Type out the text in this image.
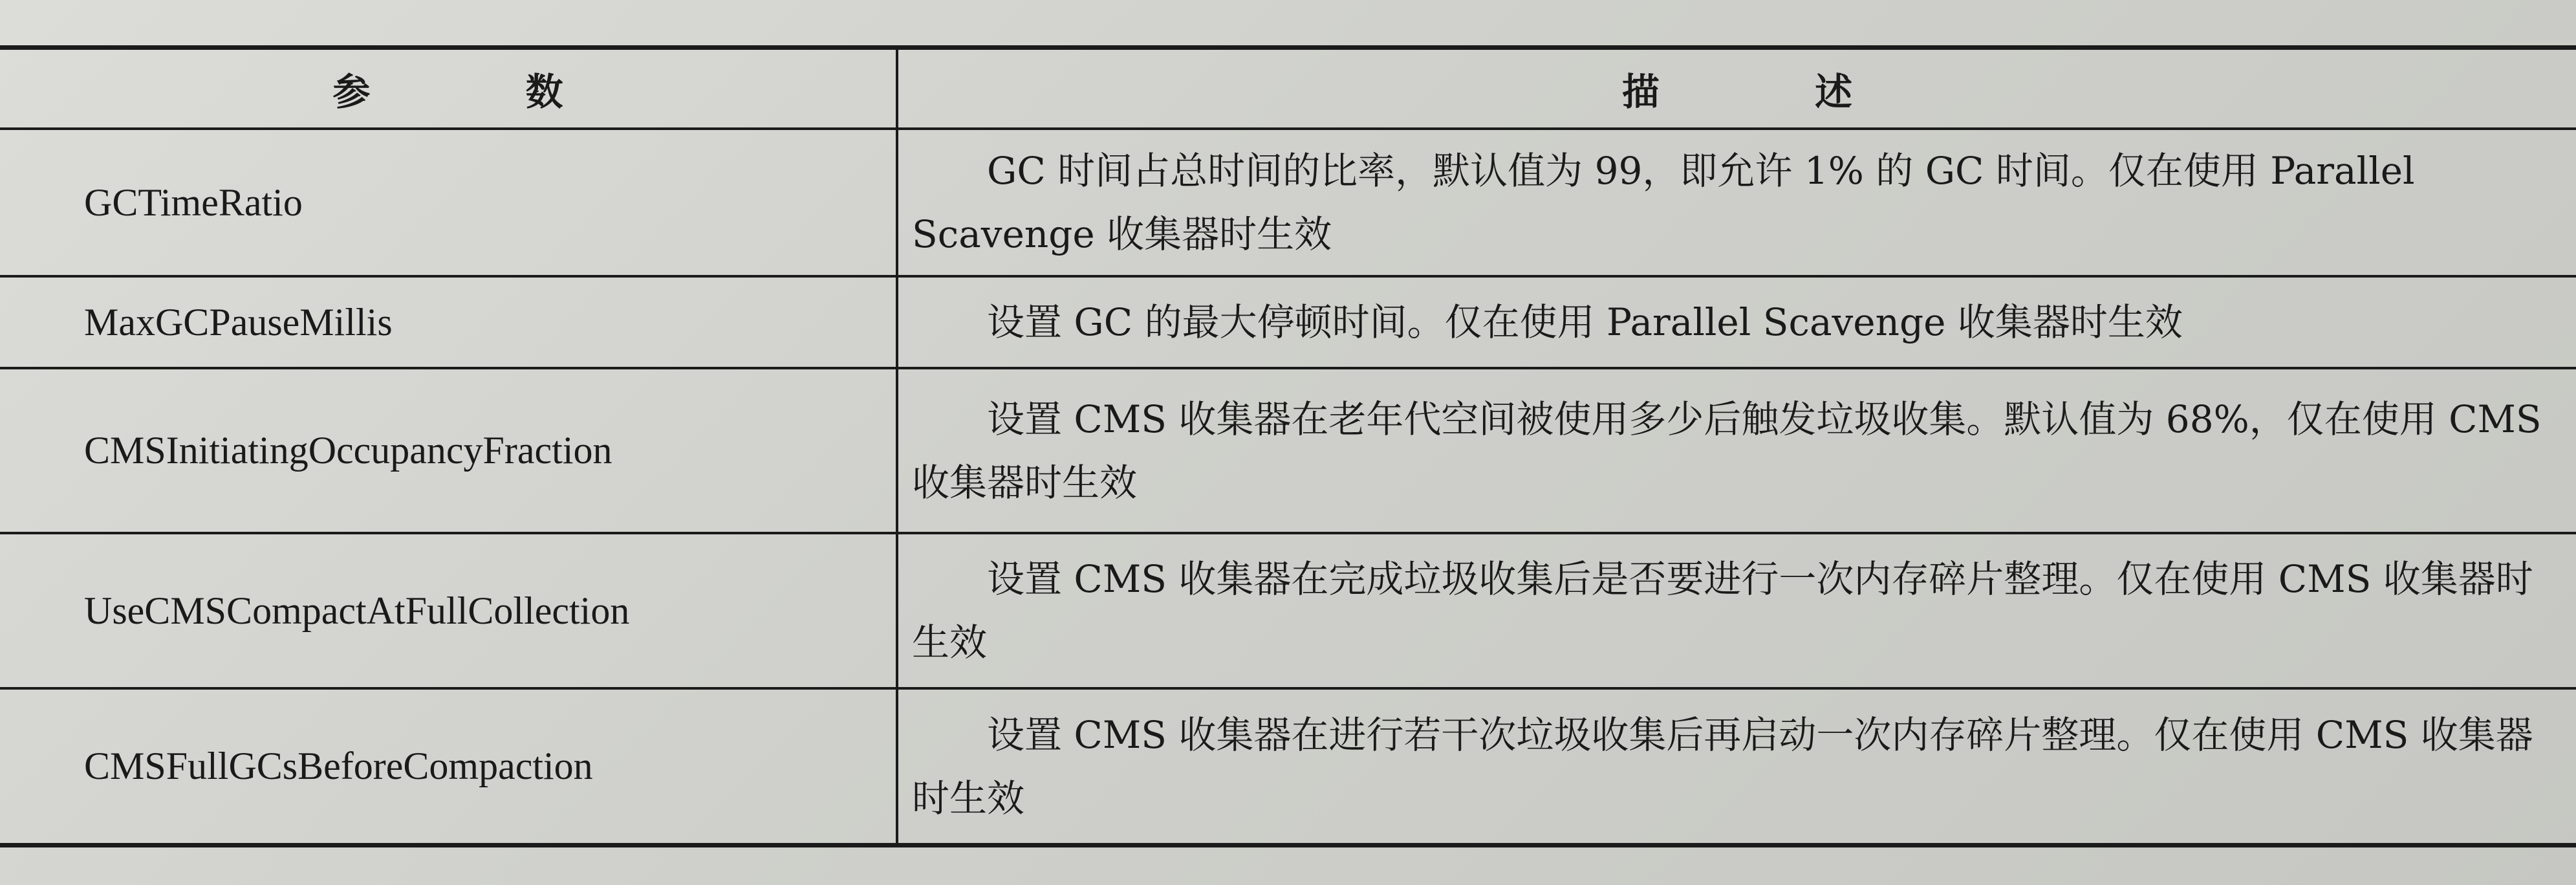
参 数	描 述
GCTimeRatio
GC 时间占总时间的比率，默认值为 99，即允许 1% 的 GC 时间。仅在使用 Parallel Scavenge 收集器时生效
MaxGCPauseMillis	设置 GC 的最大停顿时间。仅在使用 Parallel Scavenge 收集器时生效
CMSInitiatingOccupancyFraction
设置 CMS 收集器在老年代空间被使用多少后触发垃圾收集。默认值为 68%，仅在使用 CMS 收集器时生效
UseCMSCompactAtFullCollection
设置 CMS 收集器在完成垃圾收集后是否要进行一次内存碎片整理。仅在使用 CMS 收集器时生效
CMSFullGCsBeforeCompaction
设置 CMS 收集器在进行若干次垃圾收集后再启动一次内存碎片整理。仅在使用 CMS 收集器时生效
